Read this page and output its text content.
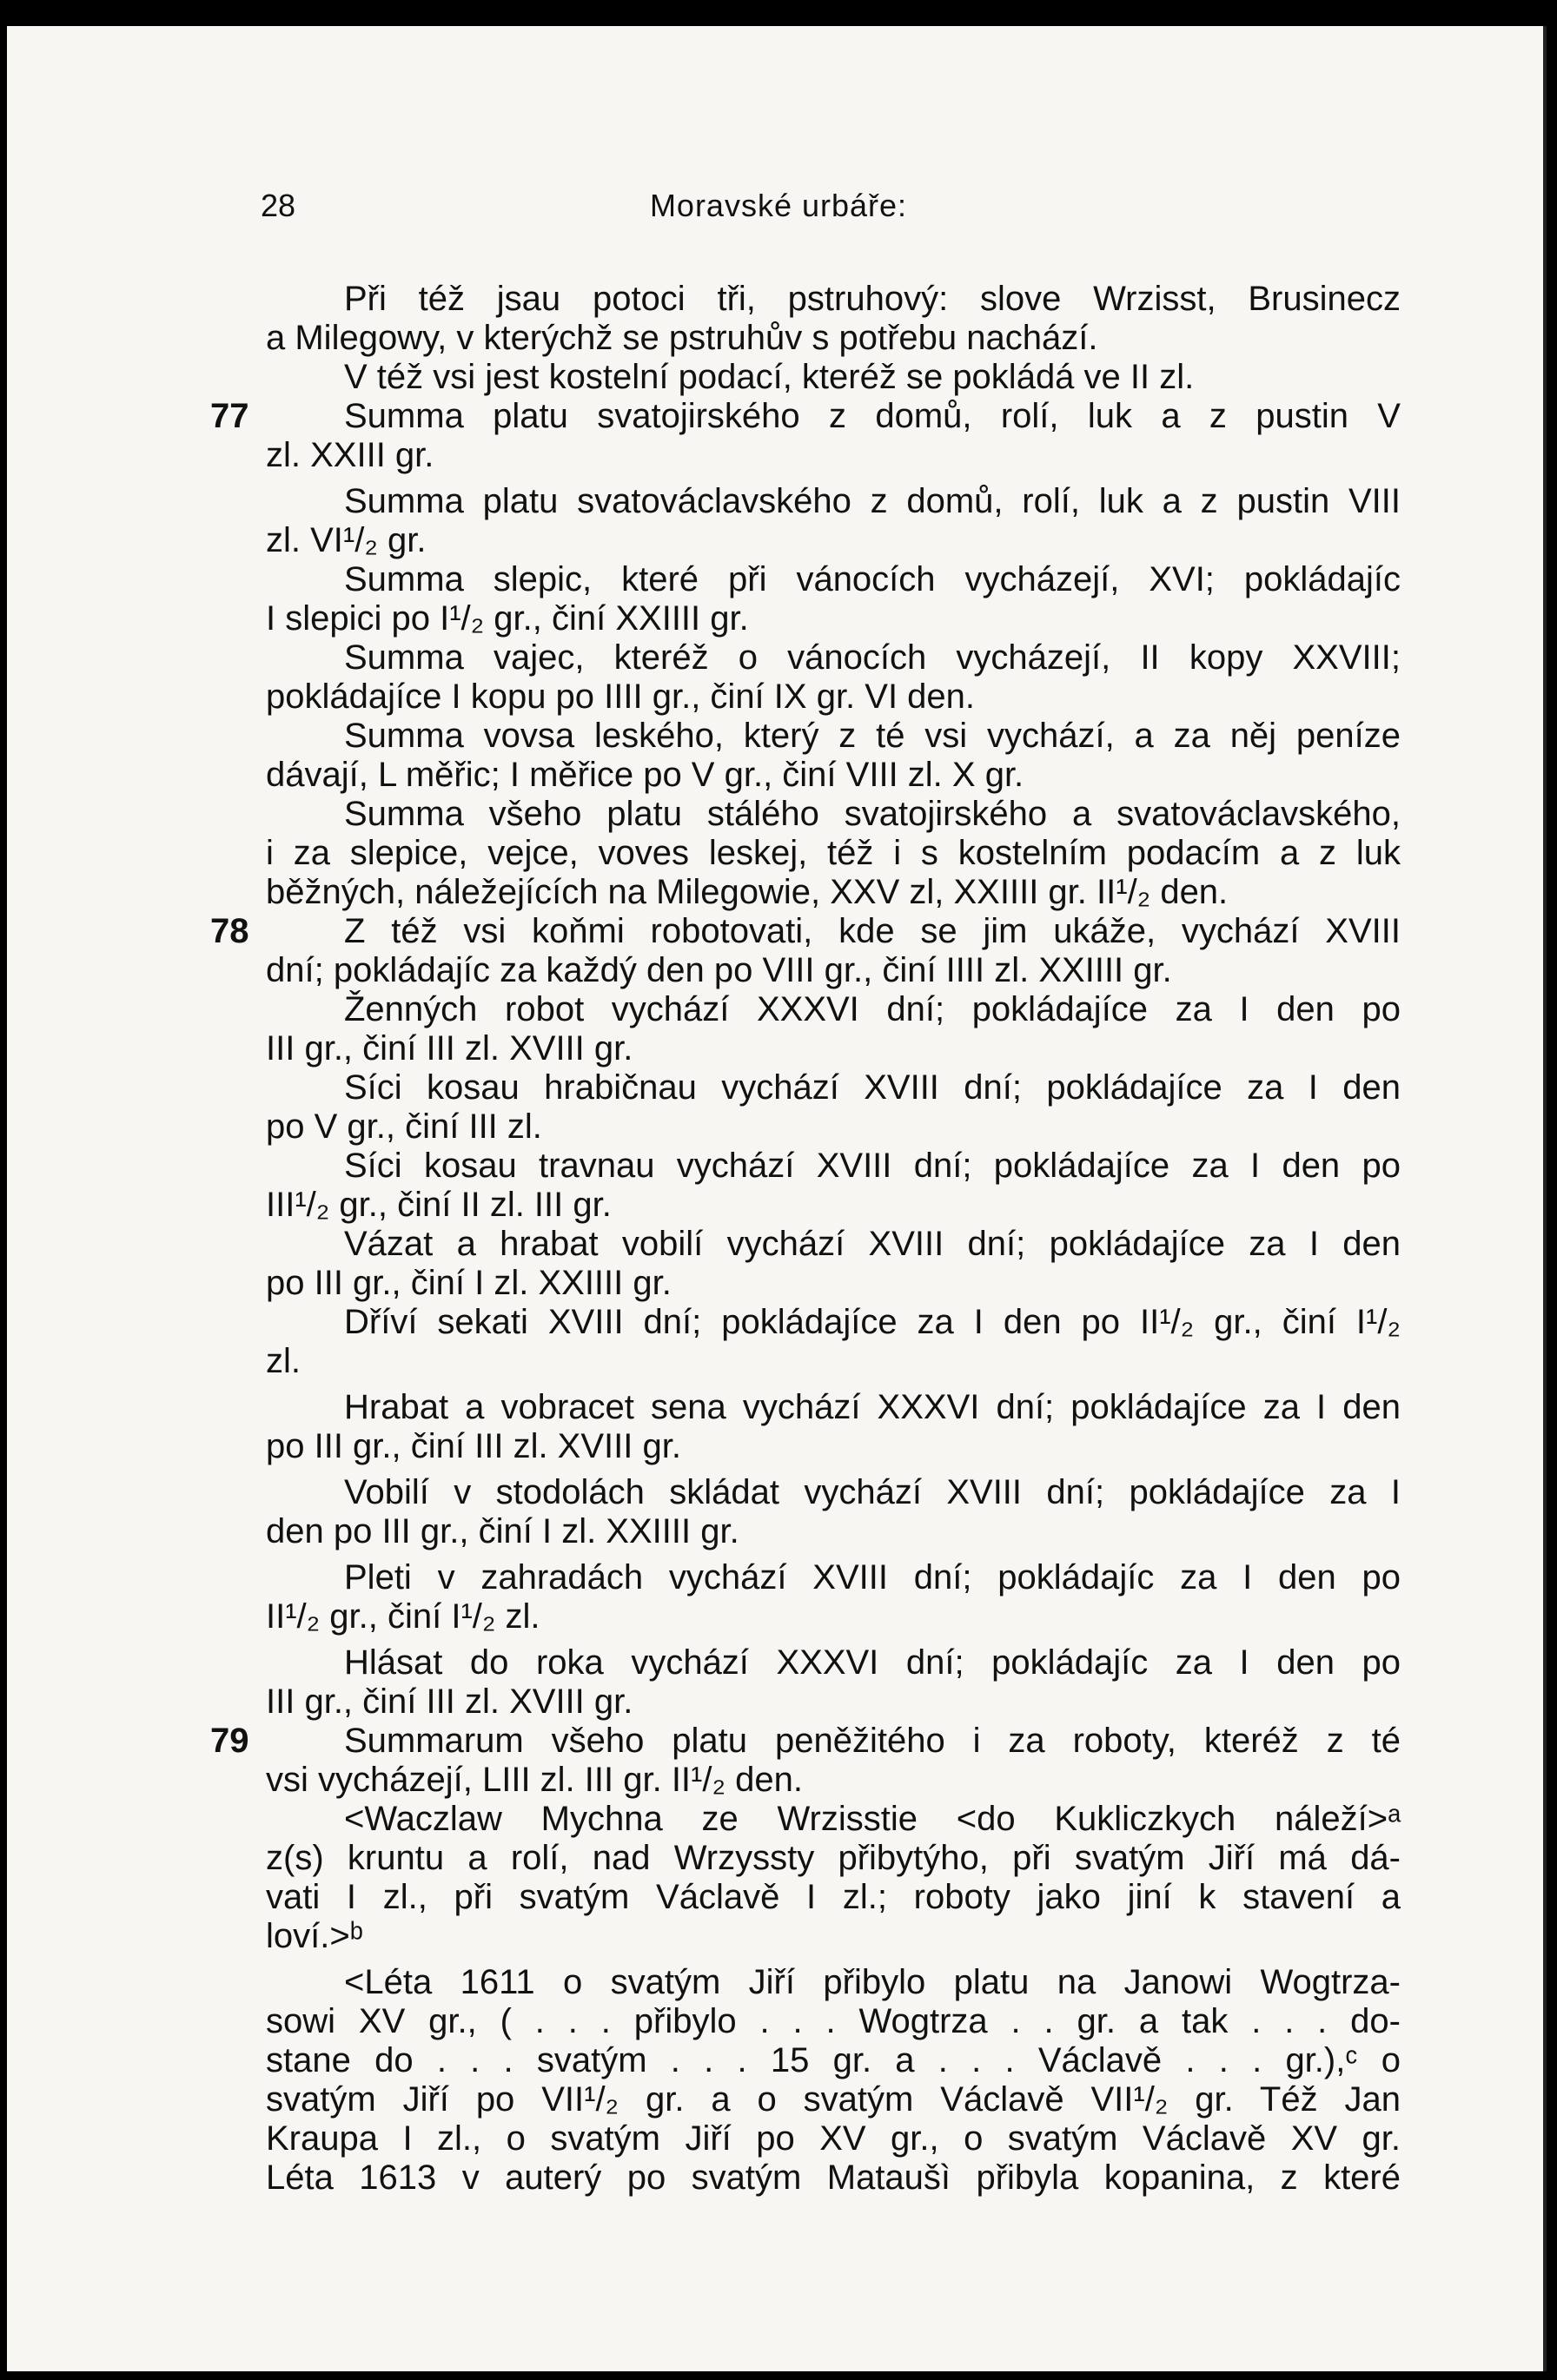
28	Moravské urbáře:
Při též jsau potoci tři, pstruhový: slove Wrzisst, Brusinecz
a Milegowy, v kterýchž se pstruhův s potřebu nachází.
V též vsi jest kostelní podací, kteréž se pokládá ve II zl.
77	Summa platu svatojirského z domů, rolí, luk a z pustin V
zl. XXIII gr.
Summa platu svatováclavského z domů, rolí, luk a z pustin VIII
zl. VI¹/₂ gr.
Summa slepic, které při vánocích vycházejí, XVI; pokládajíc
I slepici po I¹/₂ gr., činí XXIIII gr.
Summa vajec, kteréž o vánocích vycházejí, II kopy XXVIII;
pokládajíce I kopu po IIII gr., činí IX gr. VI den.
Summa vovsa leského, který z té vsi vychází, a za něj peníze
dávají, L měřic; I měřice po V gr., činí VIII zl. X gr.
Summa všeho platu stálého svatojirského a svatováclavského,
i za slepice, vejce, voves leskej, též i s kostelním podacím a z luk
běžných, náležejících na Milegowie, XXV zl, XXIIII gr. II¹/₂ den.
78	Z též vsi koňmi robotovati, kde se jim ukáže, vychází XVIII
dní; pokládajíc za každý den po VIII gr., činí IIII zl. XXIIII gr.
Ženných robot vychází XXXVI dní; pokládajíce za I den po
III gr., činí III zl. XVIII gr.
Síci kosau hrabičnau vychází XVIII dní; pokládajíce za I den
po V gr., činí III zl.
Síci kosau travnau vychází XVIII dní; pokládajíce za I den po
III¹/₂ gr., činí II zl. III gr.
Vázat a hrabat vobilí vychází XVIII dní; pokládajíce za I den
po III gr., činí I zl. XXIIII gr.
Dříví sekati XVIII dní; pokládajíce za I den po II¹/₂ gr., činí I¹/₂
zl.
Hrabat a vobracet sena vychází XXXVI dní; pokládajíce za I den
po III gr., činí III zl. XVIII gr.
Vobilí v stodolách skládat vychází XVIII dní; pokládajíce za I
den po III gr., činí I zl. XXIIII gr.
Pleti v zahradách vychází XVIII dní; pokládajíc za I den po
II¹/₂ gr., činí I¹/₂ zl.
Hlásat do roka vychází XXXVI dní; pokládajíc za I den po
III gr., činí III zl. XVIII gr.
79	Summarum všeho platu peněžitého i za roboty, kteréž z té
vsi vycházejí, LIII zl. III gr. II¹/₂ den.
<Waczlaw Mychna ze Wrzisstie <do Kukliczkych náleží>ᵃ
z(s) kruntu a rolí, nad Wrzyssty přibytýho, při svatým Jiří má dá-
vati I zl., při svatým Václavě I zl.; roboty jako jiní k stavení a
loví.>ᵇ
<Léta 1611 o svatým Jiří přibylo platu na Janowi Wogtrza-
sowi XV gr., ( . . . přibylo . . . Wogtrza . . gr. a tak . . . do-
stane do . . . svatým . . . 15 gr. a . . . Václavě . . . gr.),ᶜ o
svatým Jiří po VII¹/₂ gr. a o svatým Václavě VII¹/₂ gr. Též Jan
Kraupa I zl., o svatým Jiří po XV gr., o svatým Václavě XV gr.
Léta 1613 v auterý po svatým Mataušì přibyla kopanina, z které
